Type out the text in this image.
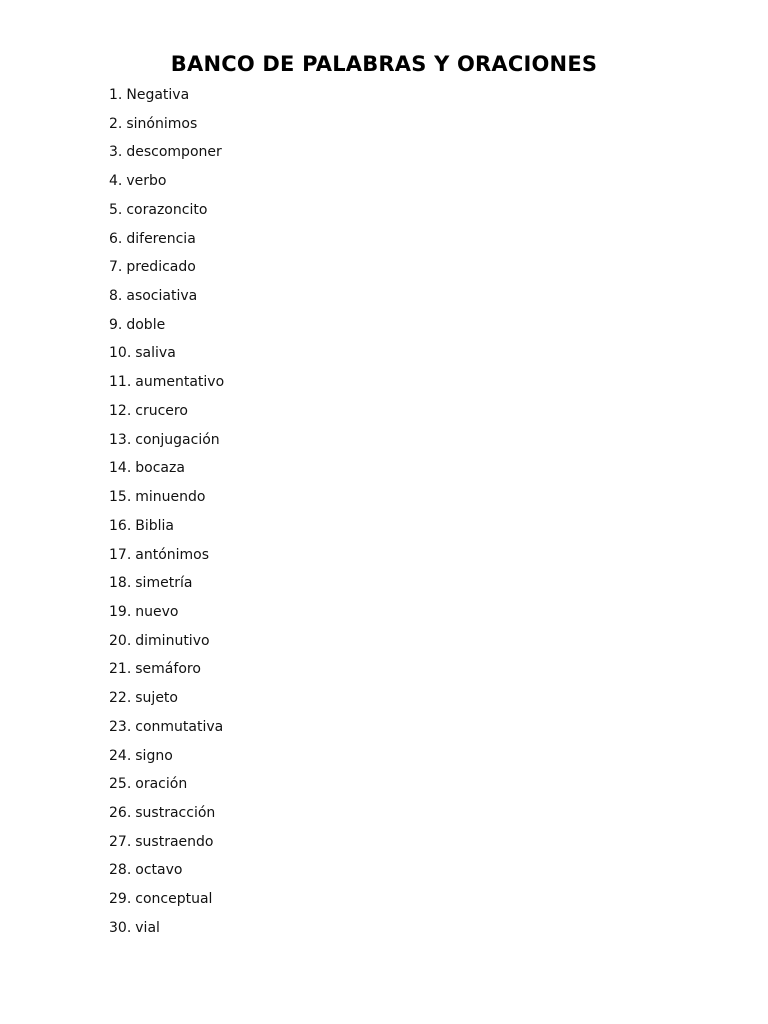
BANCO DE PALABRAS Y ORACIONES
1. Negativa
2. sinónimos
3. descomponer
4. verbo
5. corazoncito
6. diferencia
7. predicado
8. asociativa
9. doble
10. saliva
11. aumentativo
12. crucero
13. conjugación
14. bocaza
15. minuendo
16. Biblia
17. antónimos
18. simetría
19. nuevo
20. diminutivo
21. semáforo
22. sujeto
23. conmutativa
24. signo
25. oración
26. sustracción
27. sustraendo
28. octavo
29. conceptual
30. vial
